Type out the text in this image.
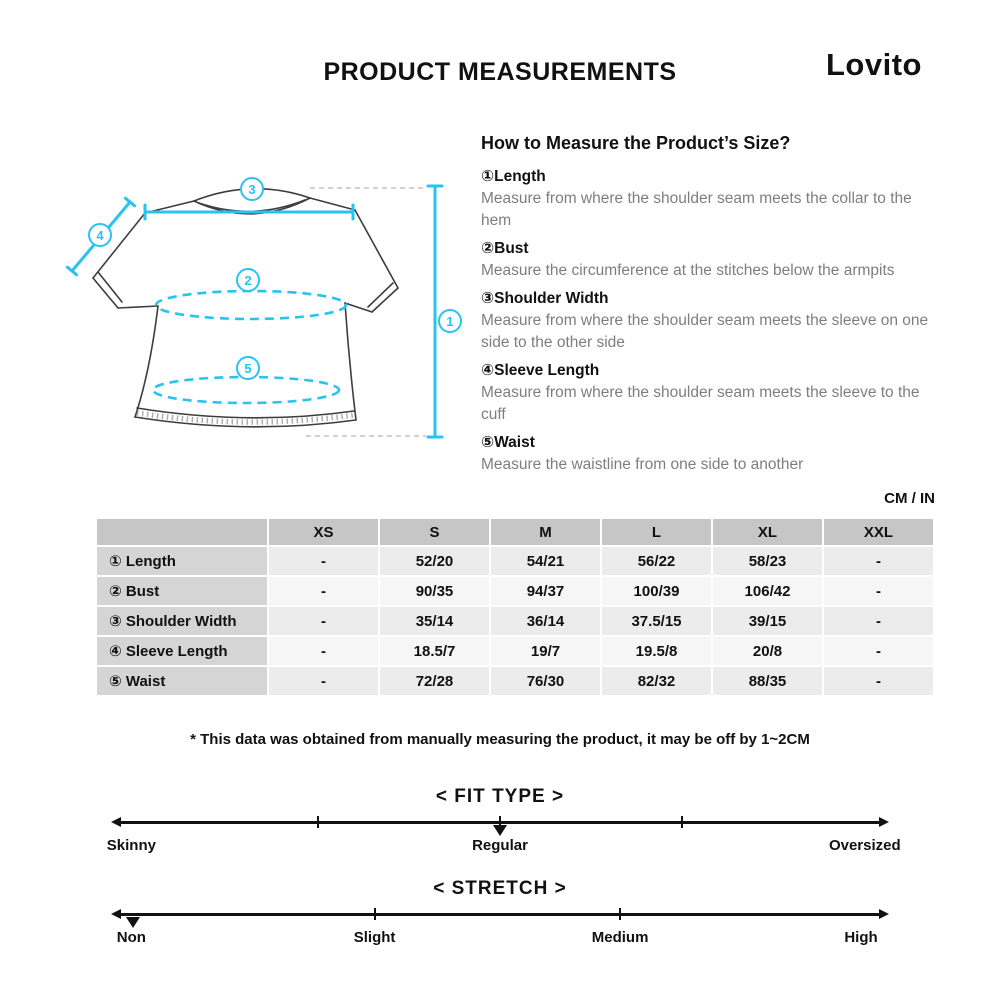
PRODUCT MEASUREMENTS	Lovito
3
4
2
5
1
How to Measure the Product’s Size?
①Length
Measure from where the shoulder seam meets the collar to the hem
②Bust
Measure the circumference at the stitches below the armpits
③Shoulder Width
Measure from where the shoulder seam meets the sleeve on one side to the other side
④Sleeve Length
Measure from where the shoulder seam meets the sleeve to the cuff
⑤Waist
Measure the waistline from one side to another
CM / IN
	XS	S	M	L	XL	XXL
① Length	-	52/20	54/21	56/22	58/23	-
② Bust	-	90/35	94/37	100/39	106/42	-
③ Shoulder Width	-	35/14	36/14	37.5/15	39/15	-
④ Sleeve Length	-	18.5/7	19/7	19.5/8	20/8	-
⑤ Waist	-	72/28	76/30	82/32	88/35	-

* This data was obtained from manually measuring the product, it may be off by 1~2CM

< FIT TYPE >
Skinny	Regular	Oversized
< STRETCH >
Non	Slight	Medium	High
